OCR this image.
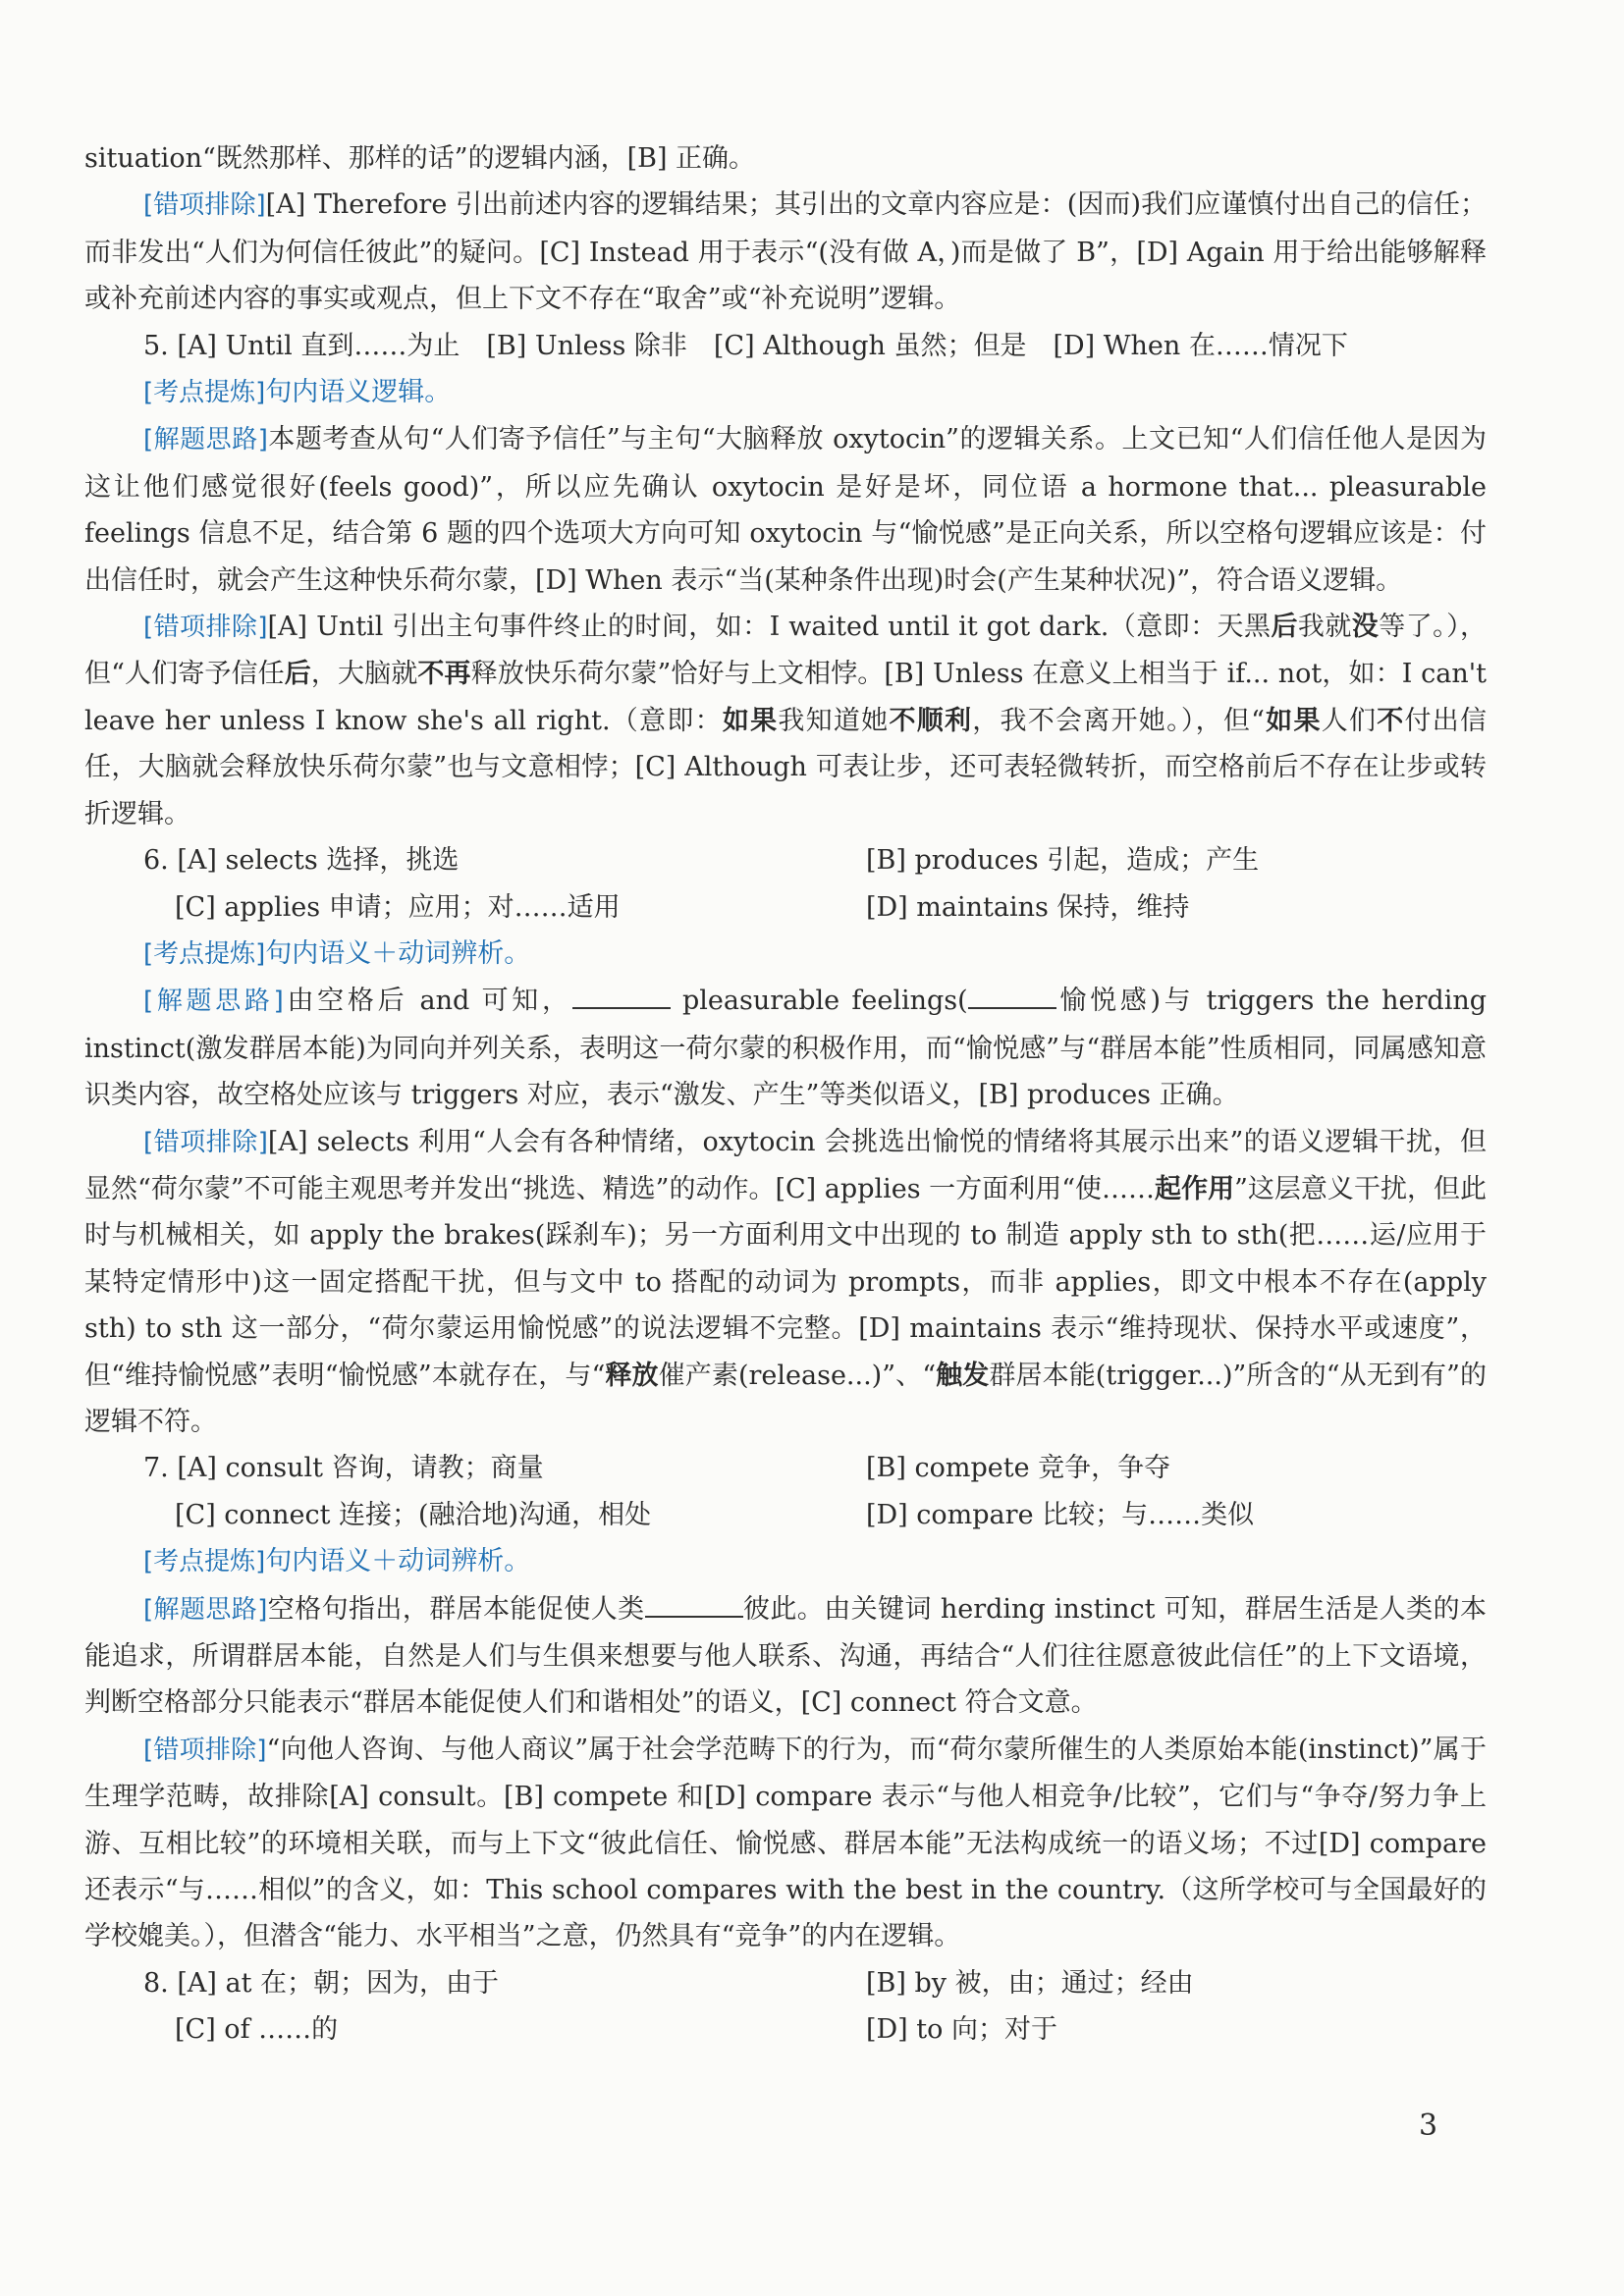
situation“既然那样、那样的话”的逻辑内涵，[B] 正确。

[错项排除][A] Therefore 引出前述内容的逻辑结果；其引出的文章内容应是：(因而)我们应谨慎付出自己的信任；而非发出“人们为何信任彼此”的疑问。[C] Instead 用于表示“(没有做 A，)而是做了 B”，[D] Again 用于给出能够解释或补充前述内容的事实或观点，但上下文不存在“取舍”或“补充说明”逻辑。

5. [A] Until 直到……为止　[B] Unless 除非　[C] Although 虽然；但是　[D] When 在……情况下

[考点提炼]句内语义逻辑。

[解题思路]本题考查从句“人们寄予信任”与主句“大脑释放 oxytocin”的逻辑关系。上文已知“人们信任他人是因为这让他们感觉很好(feels good)”，所以应先确认 oxytocin 是好是坏，同位语 a hormone that... pleasurable feelings 信息不足，结合第 6 题的四个选项大方向可知 oxytocin 与“愉悦感”是正向关系，所以空格句逻辑应该是：付出信任时，就会产生这种快乐荷尔蒙，[D] When 表示“当(某种条件出现)时会(产生某种状况)”，符合语义逻辑。

[错项排除][A] Until 引出主句事件终止的时间，如：I waited until it got dark.（意即：天黑后我就没等了。），但“人们寄予信任后，大脑就不再释放快乐荷尔蒙”恰好与上文相悖。[B] Unless 在意义上相当于 if... not，如：I can't leave her unless I know she's all right.（意即：如果我知道她不顺利，我不会离开她。），但“如果人们不付出信任，大脑就会释放快乐荷尔蒙”也与文意相悖；[C] Although 可表让步，还可表轻微转折，而空格前后不存在让步或转折逻辑。

6. [A] selects 选择，挑选	[B] produces 引起，造成；产生
[C] applies 申请；应用；对……适用	[D] maintains 保持，维持

[考点提炼]句内语义＋动词辨析。

[解题思路]由空格后 and 可知，	pleasurable feelings(	愉悦感)与 triggers the herding instinct(激发群居本能)为同向并列关系，表明这一荷尔蒙的积极作用，而“愉悦感”与“群居本能”性质相同，同属感知意识类内容，故空格处应该与 triggers 对应，表示“激发、产生”等类似语义，[B] produces 正确。

[错项排除][A] selects 利用“人会有各种情绪，oxytocin 会挑选出愉悦的情绪将其展示出来”的语义逻辑干扰，但显然“荷尔蒙”不可能主观思考并发出“挑选、精选”的动作。[C] applies 一方面利用“使……起作用”这层意义干扰，但此时与机械相关，如 apply the brakes(踩刹车)；另一方面利用文中出现的 to 制造 apply sth to sth(把……运/应用于某特定情形中)这一固定搭配干扰，但与文中 to 搭配的动词为 prompts，而非 applies，即文中根本不存在(apply sth) to sth 这一部分，“荷尔蒙运用愉悦感”的说法逻辑不完整。[D] maintains 表示“维持现状、保持水平或速度”，但“维持愉悦感”表明“愉悦感”本就存在，与“释放催产素(release...)”、“触发群居本能(trigger...)”所含的“从无到有”的逻辑不符。

7. [A] consult 咨询，请教；商量	[B] compete 竞争，争夺
[C] connect 连接；(融洽地)沟通，相处	[D] compare 比较；与……类似

[考点提炼]句内语义＋动词辨析。

[解题思路]空格句指出，群居本能促使人类	彼此。由关键词 herding instinct 可知，群居生活是人类的本能追求，所谓群居本能，自然是人们与生俱来想要与他人联系、沟通，再结合“人们往往愿意彼此信任”的上下文语境，判断空格部分只能表示“群居本能促使人们和谐相处”的语义，[C] connect 符合文意。

[错项排除]“向他人咨询、与他人商议”属于社会学范畴下的行为，而“荷尔蒙所催生的人类原始本能(instinct)”属于生理学范畴，故排除[A] consult。[B] compete 和[D] compare 表示“与他人相竞争/比较”，它们与“争夺/努力争上游、互相比较”的环境相关联，而与上下文“彼此信任、愉悦感、群居本能”无法构成统一的语义场；不过[D] compare 还表示“与……相似”的含义，如：This school compares with the best in the country.（这所学校可与全国最好的学校媲美。），但潜含“能力、水平相当”之意，仍然具有“竞争”的内在逻辑。

8. [A] at 在；朝；因为，由于	[B] by 被，由；通过；经由
[C] of ……的	[D] to 向；对于
3
